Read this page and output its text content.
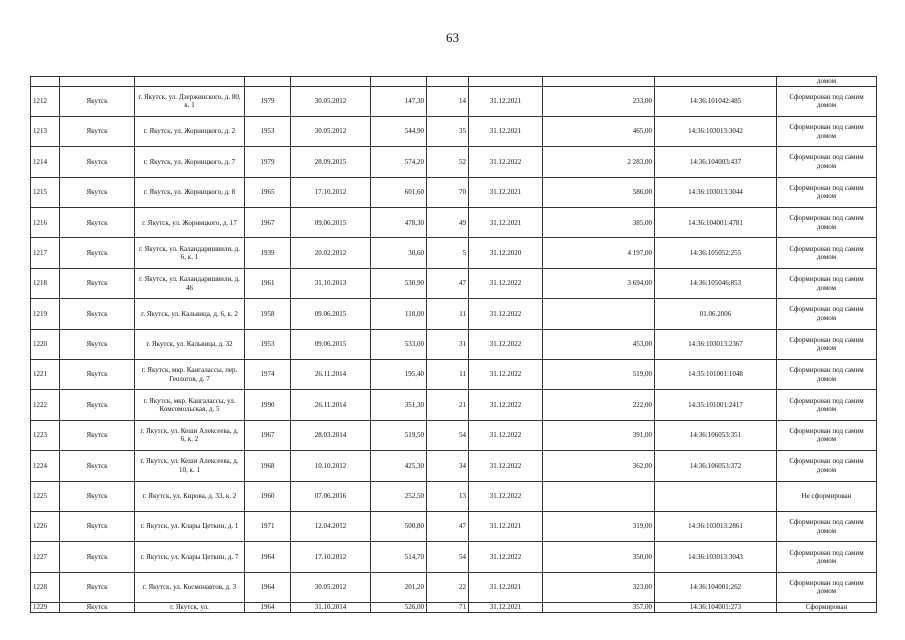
63
										домом
1212	Якутск	г. Якутск, ул. Дзержинского, д. 80, к. 1	1979	30.05.2012	147,30	14	31.12.2021	233,00	14:36:101042:485	Сформирован под самим домом
1213	Якутск	г. Якутск, ул. Жорницкого, д. 2	1953	30.05.2012	544,90	35	31.12.2021	465,00	14:36:103013:3042	Сформирован под самим домом
1214	Якутск	г. Якутск, ул. Жорницкого, д. 7	1979	28.09.2015	574,20	52	31.12.2022	2 283,00	14:36:104003:437	Сформирован под самим домом
1215	Якутск	г. Якутск, ул. Жорницкого, д. 8	1965	17.10.2012	601,60	70	31.12.2021	586,00	14:36:103013:3044	Сформирован под самим домом
1216	Якутск	г. Якутск, ул. Жорницкого, д. 17	1967	09.06.2015	478,30	49	31.12.2021	385,00	14:36:104001:4781	Сформирован под самим домом
1217	Якутск	г. Якутск, ул. Каландаришвили, д. 6, к. 1	1939	20.02.2012	30,60	5	31.12.2020	4 197,00	14:36:105052:255	Сформирован под самим домом
1218	Якутск	г. Якутск, ул. Каландаришвили, д. 46	1961	31.10.2013	530,90	47	31.12.2022	3 694,00	14:36:105046:853	Сформирован под самим домом
1219	Якутск	г. Якутск, ул. Кальвица, д. 6, к. 2	1958	09.06.2015	118,00	11	31.12.2022		01.06.2006	Сформирован под самим домом
1220	Якутск	г. Якутск, ул. Кальвица, д. 32	1953	09.06.2015	533,00	31	31.12.2022	453,00	14:36:103013:2367	Сформирован под самим домом
1221	Якутск	г. Якутск, мкр. Кангалассы, пер. Геологов, д. 7	1974	26.11.2014	195,40	11	31.12.2022	519,00	14:35:101001:1048	Сформирован под самим домом
1222	Якутск	г. Якутск, мкр. Кангалассы, ул. Комсомольская, д. 5	1990	26.11.2014	351,30	21	31.12.2022	222,00	14:35:101001:2417	Сформирован под самим домом
1223	Якутск	г. Якутск, ул. Кеши Алексеева, д. 6, к. 2	1967	28.03.2014	519,50	54	31.12.2022	391,00	14:36:106053:351	Сформирован под самим домом
1224	Якутск	г. Якутск, ул. Кеши Алексеева, д. 10, к. 1	1968	10.10.2012	425,30	34	31.12.2022	362,00	14:36:106053:372	Сформирован под самим домом
1225	Якутск	г. Якутск, ул. Кирова, д. 33, к. 2	1960	07.06.2016	252,50	13	31.12.2022			Не сформирован
1226	Якутск	г. Якутск, ул. Клары Цеткин, д. 1	1971	12.04.2012	500,80	47	31.12.2021	319,00	14:36:103013:2861	Сформирован под самим домом
1227	Якутск	г. Якутск, ул. Клары Цеткин, д. 7	1964	17.10.2012	514,70	54	31.12.2022	350,00	14:36:103013:3043	Сформирован под самим домом
1228	Якутск	г. Якутск, ул. Космонавтов, д. 3	1964	30.05.2012	201,20	22	31.12.2021	323,00	14:36:104001:262	Сформирован под самим домом
1229	Якутск	г. Якутск, ул.	1964	31.10.2014	526,00	71	31.12.2021	357,00	14:36:104001:273	Сформирован
